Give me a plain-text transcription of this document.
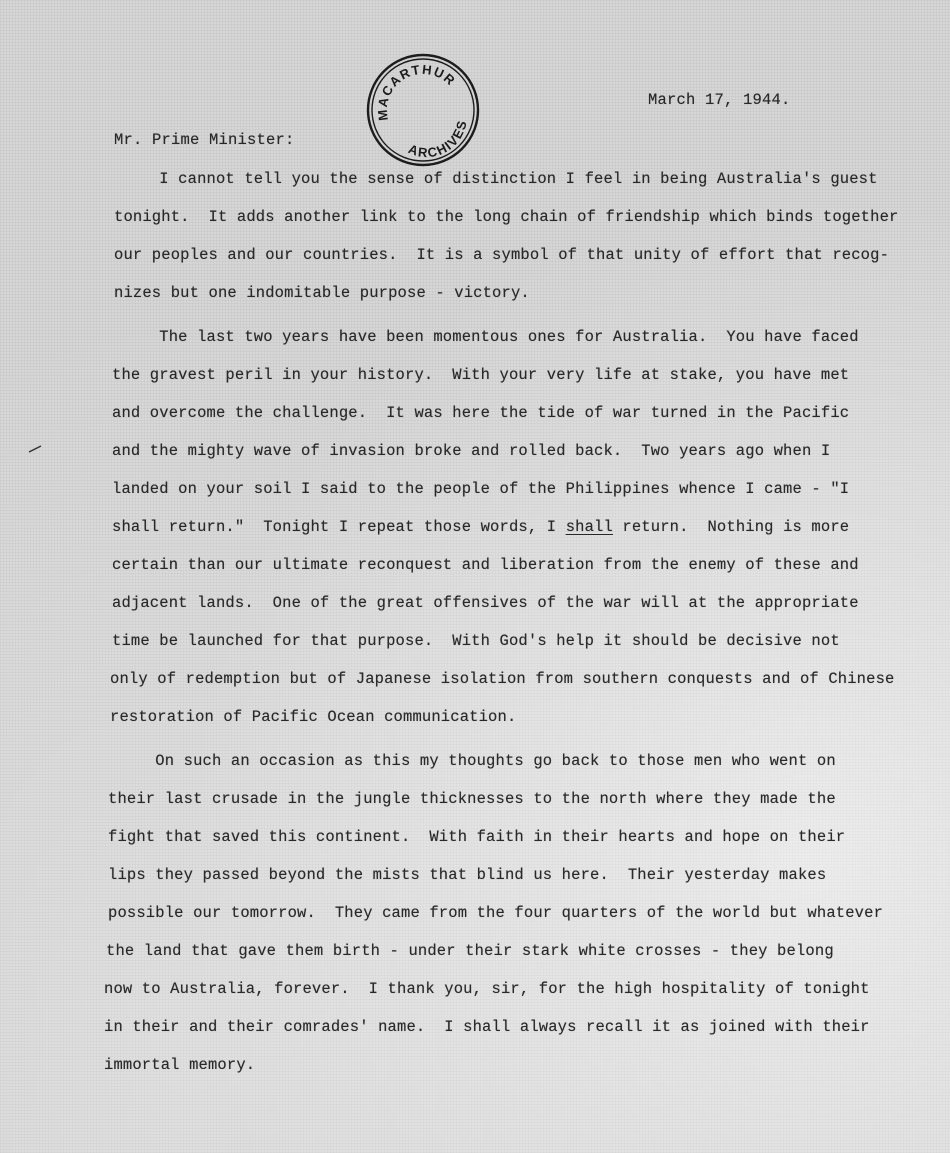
MACARTHUR
ARCHIVES
March 17, 1944.
Mr. Prime Minister:
I cannot tell you the sense of distinction I feel in being Australia's guest
tonight.  It adds another link to the long chain of friendship which binds together
our peoples and our countries.  It is a symbol of that unity of effort that recog-
nizes but one indomitable purpose - victory.
The last two years have been momentous ones for Australia.  You have faced
the gravest peril in your history.  With your very life at stake, you have met
and overcome the challenge.  It was here the tide of war turned in the Pacific
and the mighty wave of invasion broke and rolled back.  Two years ago when I
landed on your soil I said to the people of the Philippines whence I came - "I
shall return."  Tonight I repeat those words, I shall return.  Nothing is more
certain than our ultimate reconquest and liberation from the enemy of these and
adjacent lands.  One of the great offensives of the war will at the appropriate
time be launched for that purpose.  With God's help it should be decisive not
only of redemption but of Japanese isolation from southern conquests and of Chinese
restoration of Pacific Ocean communication.
On such an occasion as this my thoughts go back to those men who went on
their last crusade in the jungle thicknesses to the north where they made the
fight that saved this continent.  With faith in their hearts and hope on their
lips they passed beyond the mists that blind us here.  Their yesterday makes
possible our tomorrow.  They came from the four quarters of the world but whatever
the land that gave them birth - under their stark white crosses - they belong
now to Australia, forever.  I thank you, sir, for the high hospitality of tonight
in their and their comrades' name.  I shall always recall it as joined with their
immortal memory.
